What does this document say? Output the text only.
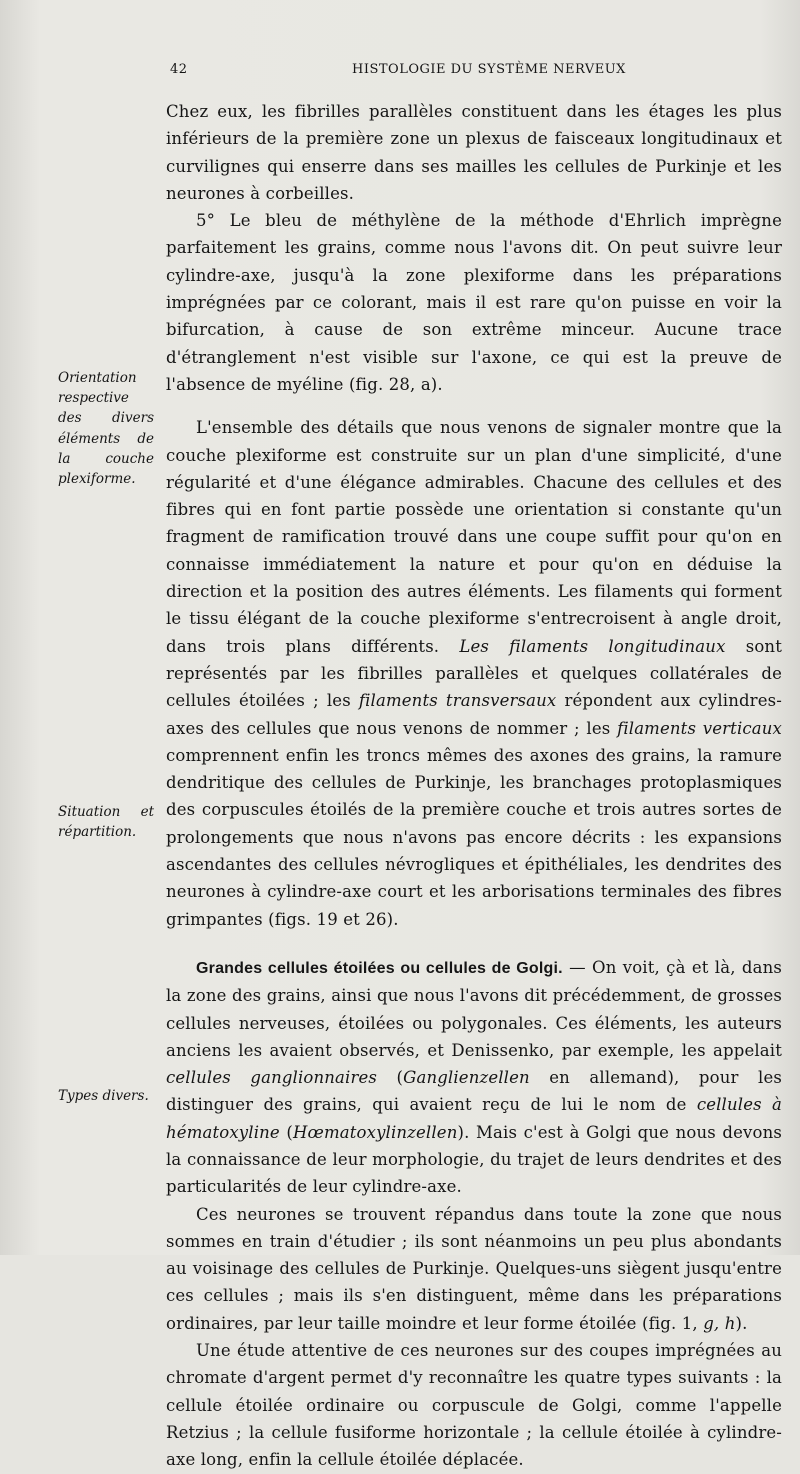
42	HISTOLOGIE DU SYSTÈME NERVEUX
Orientation respective des divers éléments de la couche plexiforme.
Situation et répartition.
Types divers.

Chez eux, les fibrilles parallèles constituent dans les étages les plus inférieurs de la première zone un plexus de faisceaux longitudinaux et curvilignes qui enserre dans ses mailles les cellules de Purkinje et les neurones à corbeilles.

5° Le bleu de méthylène de la méthode d'Ehrlich imprègne parfaitement les grains, comme nous l'avons dit. On peut suivre leur cylindre-axe, jusqu'à la zone plexiforme dans les préparations imprégnées par ce colorant, mais il est rare qu'on puisse en voir la bifurcation, à cause de son extrême minceur. Aucune trace d'étranglement n'est visible sur l'axone, ce qui est la preuve de l'absence de myéline (fig. 28, a).

L'ensemble des détails que nous venons de signaler montre que la couche plexiforme est construite sur un plan d'une simplicité, d'une régularité et d'une élégance admirables. Chacune des cellules et des fibres qui en font partie possède une orientation si constante qu'un fragment de ramification trouvé dans une coupe suffit pour qu'on en connaisse immédiatement la nature et pour qu'on en déduise la direction et la position des autres éléments. Les filaments qui forment le tissu élégant de la couche plexiforme s'entrecroisent à angle droit, dans trois plans différents. Les filaments longitudinaux sont représentés par les fibrilles parallèles et quelques collatérales de cellules étoilées ; les filaments transversaux répondent aux cylindres-axes des cellules que nous venons de nommer ; les filaments verticaux comprennent enfin les troncs mêmes des axones des grains, la ramure dendritique des cellules de Purkinje, les branchages protoplasmiques des corpuscules étoilés de la première couche et trois autres sortes de prolongements que nous n'avons pas encore décrits : les expansions ascendantes des cellules névrogliques et épithéliales, les dendrites des neurones à cylindre-axe court et les arborisations terminales des fibres grimpantes (figs. 19 et 26).

Grandes cellules étoilées ou cellules de Golgi. — On voit, çà et là, dans la zone des grains, ainsi que nous l'avons dit précédemment, de grosses cellules nerveuses, étoilées ou polygonales. Ces éléments, les auteurs anciens les avaient observés, et Denissenko, par exemple, les appelait cellules ganglionnaires (Ganglienzellen en allemand), pour les distinguer des grains, qui avaient reçu de lui le nom de cellules à hématoxyline (Hœmatoxylinzellen). Mais c'est à Golgi que nous devons la connaissance de leur morphologie, du trajet de leurs dendrites et des particularités de leur cylindre-axe.

Ces neurones se trouvent répandus dans toute la zone que nous sommes en train d'étudier ; ils sont néanmoins un peu plus abondants au voisinage des cellules de Purkinje. Quelques-uns siègent jusqu'entre ces cellules ; mais ils s'en distinguent, même dans les préparations ordinaires, par leur taille moindre et leur forme étoilée (fig. 1, g, h).

Une étude attentive de ces neurones sur des coupes imprégnées au chromate d'argent permet d'y reconnaître les quatre types suivants : la cellule étoilée ordinaire ou corpuscule de Golgi, comme l'appelle Retzius ; la cellule fusiforme horizontale ; la cellule étoilée à cylindre-axe long, enfin la cellule étoilée déplacée.
